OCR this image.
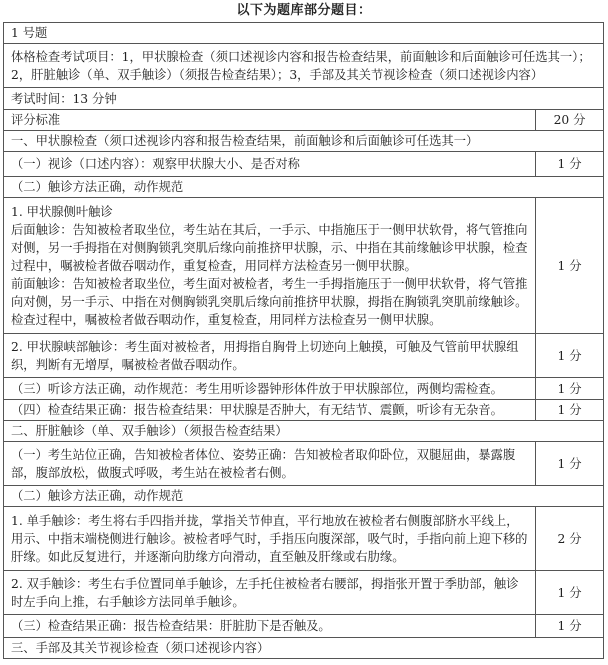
以下为题库部分题目：
1 号题	
体格检查考试项目：1，甲状腺检查（须口述视诊内容和报告检查结果，前面触诊和后面触诊可任选其一）；2，肝脏触诊（单、双手触诊）（须报告检查结果）；3，手部及其关节视诊检查（须口述视诊内容）	
考试时间：13 分钟	
评分标准	20 分
一、甲状腺检查（须口述视诊内容和报告检查结果，前面触诊和后面触诊可任选其一）	
（一）视诊（口述内容）：观察甲状腺大小、是否对称	1 分
（二）触诊方法正确，动作规范	

1. 甲状腺侧叶触诊

后面触诊：告知被检者取坐位，考生站在其后，一手示、中指施压于一侧甲状软骨，将气管推向对侧，另一手拇指在对侧胸锁乳突肌后缘向前推挤甲状腺，示、中指在其前缘触诊甲状腺，检查过程中，嘱被检者做吞咽动作，重复检查，用同样方法检查另一侧甲状腺。

前面触诊：告知被检者取坐位，考生面对被检者，考生一手拇指施压于一侧甲状软骨，将气管推向对侧，另一手示、中指在对侧胸锁乳突肌后缘向前推挤甲状腺，拇指在胸锁乳突肌前缘触诊。检查过程中，嘱被检者做吞咽动作，重复检查，用同样方法检查另一侧甲状腺。	1 分
2. 甲状腺峡部触诊：考生面对被检者，用拇指自胸骨上切迹向上触摸，可触及气管前甲状腺组织，判断有无增厚，嘱被检者做吞咽动作。	1 分
（三）听诊方法正确，动作规范：考生用听诊器钟形体件放于甲状腺部位，两侧均需检查。	1 分
（四）检查结果正确：报告检查结果：甲状腺是否肿大，有无结节、震颤，听诊有无杂音。	1 分
二、肝脏触诊（单、双手触诊）（须报告检查结果）	
（一）考生站位正确，告知被检者体位、姿势正确：告知被检者取仰卧位，双腿屈曲，暴露腹部，腹部放松，做腹式呼吸，考生站在被检者右侧。	1 分
（二）触诊方法正确，动作规范	
1. 单手触诊：考生将右手四指并拢，掌指关节伸直，平行地放在被检者右侧腹部脐水平线上，用示、中指末端桡侧进行触诊。被检者呼气时，手指压向腹深部，吸气时，手指向前上迎下移的肝缘。如此反复进行，并逐渐向肋缘方向滑动，直至触及肝缘或右肋缘。	2 分
2. 双手触诊：考生右手位置同单手触诊，左手托住被检者右腰部，拇指张开置于季肋部，触诊时左手向上推，右手触诊方法同单手触诊。	1 分
（三）检查结果正确：报告检查结果：肝脏肋下是否触及。	1 分
三、手部及其关节视诊检查（须口述视诊内容）	
